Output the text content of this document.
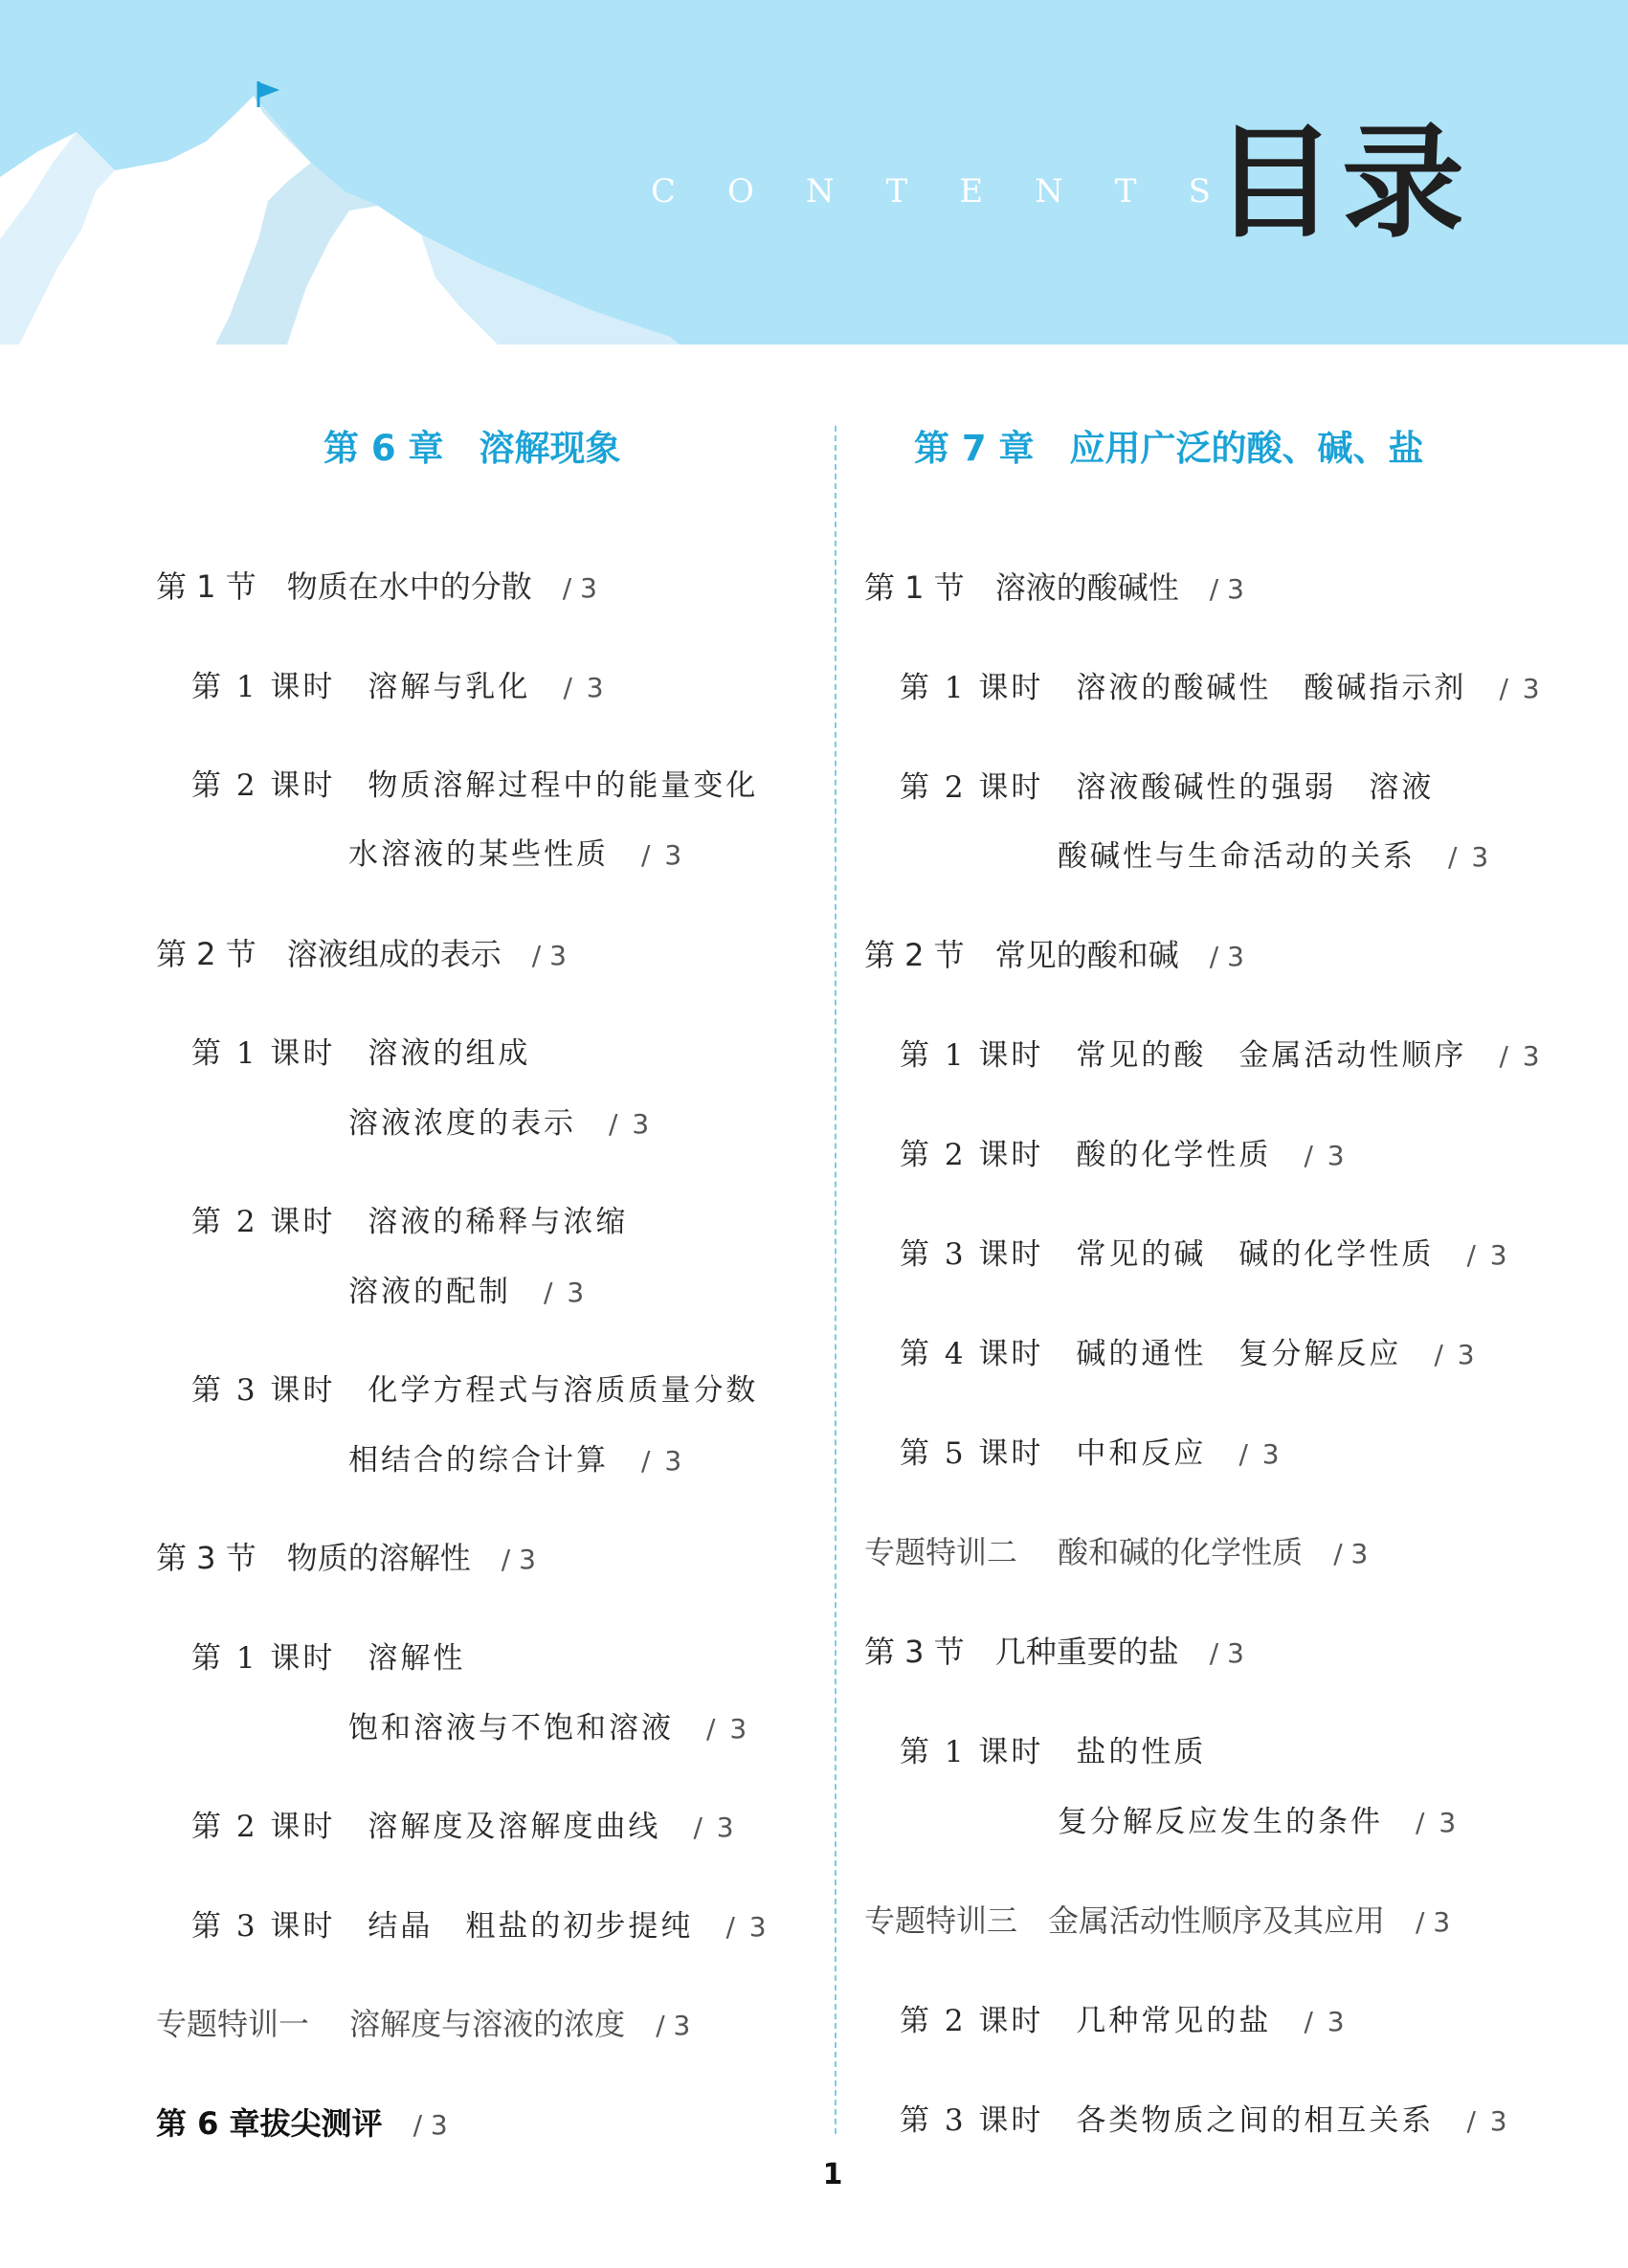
CONTENTS
目录
第 6 章　溶解现象	第 7 章　应用广泛的酸、碱、盐
第 1 节　物质在水中的分散　 / 3
第 1 课时　溶解与乳化　 / 3
第 2 课时　物质溶解过程中的能量变化
水溶液的某些性质　 / 3
第 2 节　溶液组成的表示　 / 3
第 1 课时　溶液的组成
溶液浓度的表示　 / 3
第 2 课时　溶液的稀释与浓缩
溶液的配制　 / 3
第 3 课时　化学方程式与溶质质量分数
相结合的综合计算　 / 3
第 3 节　物质的溶解性　 / 3
第 1 课时　溶解性
饱和溶液与不饱和溶液　 / 3
第 2 课时　溶解度及溶解度曲线　 / 3
第 3 课时　结晶　粗盐的初步提纯　 / 3
专题特训一　 溶解度与溶液的浓度　 / 3
第 6 章拔尖测评　 / 3
第 1 节　溶液的酸碱性　 / 3
第 1 课时　溶液的酸碱性　酸碱指示剂　 / 3
第 2 课时　溶液酸碱性的强弱　溶液
酸碱性与生命活动的关系　 / 3
第 2 节　常见的酸和碱　 / 3
第 1 课时　常见的酸　金属活动性顺序　 / 3
第 2 课时　酸的化学性质　 / 3
第 3 课时　常见的碱　碱的化学性质　 / 3
第 4 课时　碱的通性　复分解反应　 / 3
第 5 课时　中和反应　 / 3
专题特训二　 酸和碱的化学性质　 / 3
第 3 节　几种重要的盐　 / 3
第 1 课时　盐的性质
复分解反应发生的条件　 / 3
专题特训三　金属活动性顺序及其应用　 / 3
第 2 课时　几种常见的盐　 / 3
第 3 课时　各类物质之间的相互关系　 / 3
1
